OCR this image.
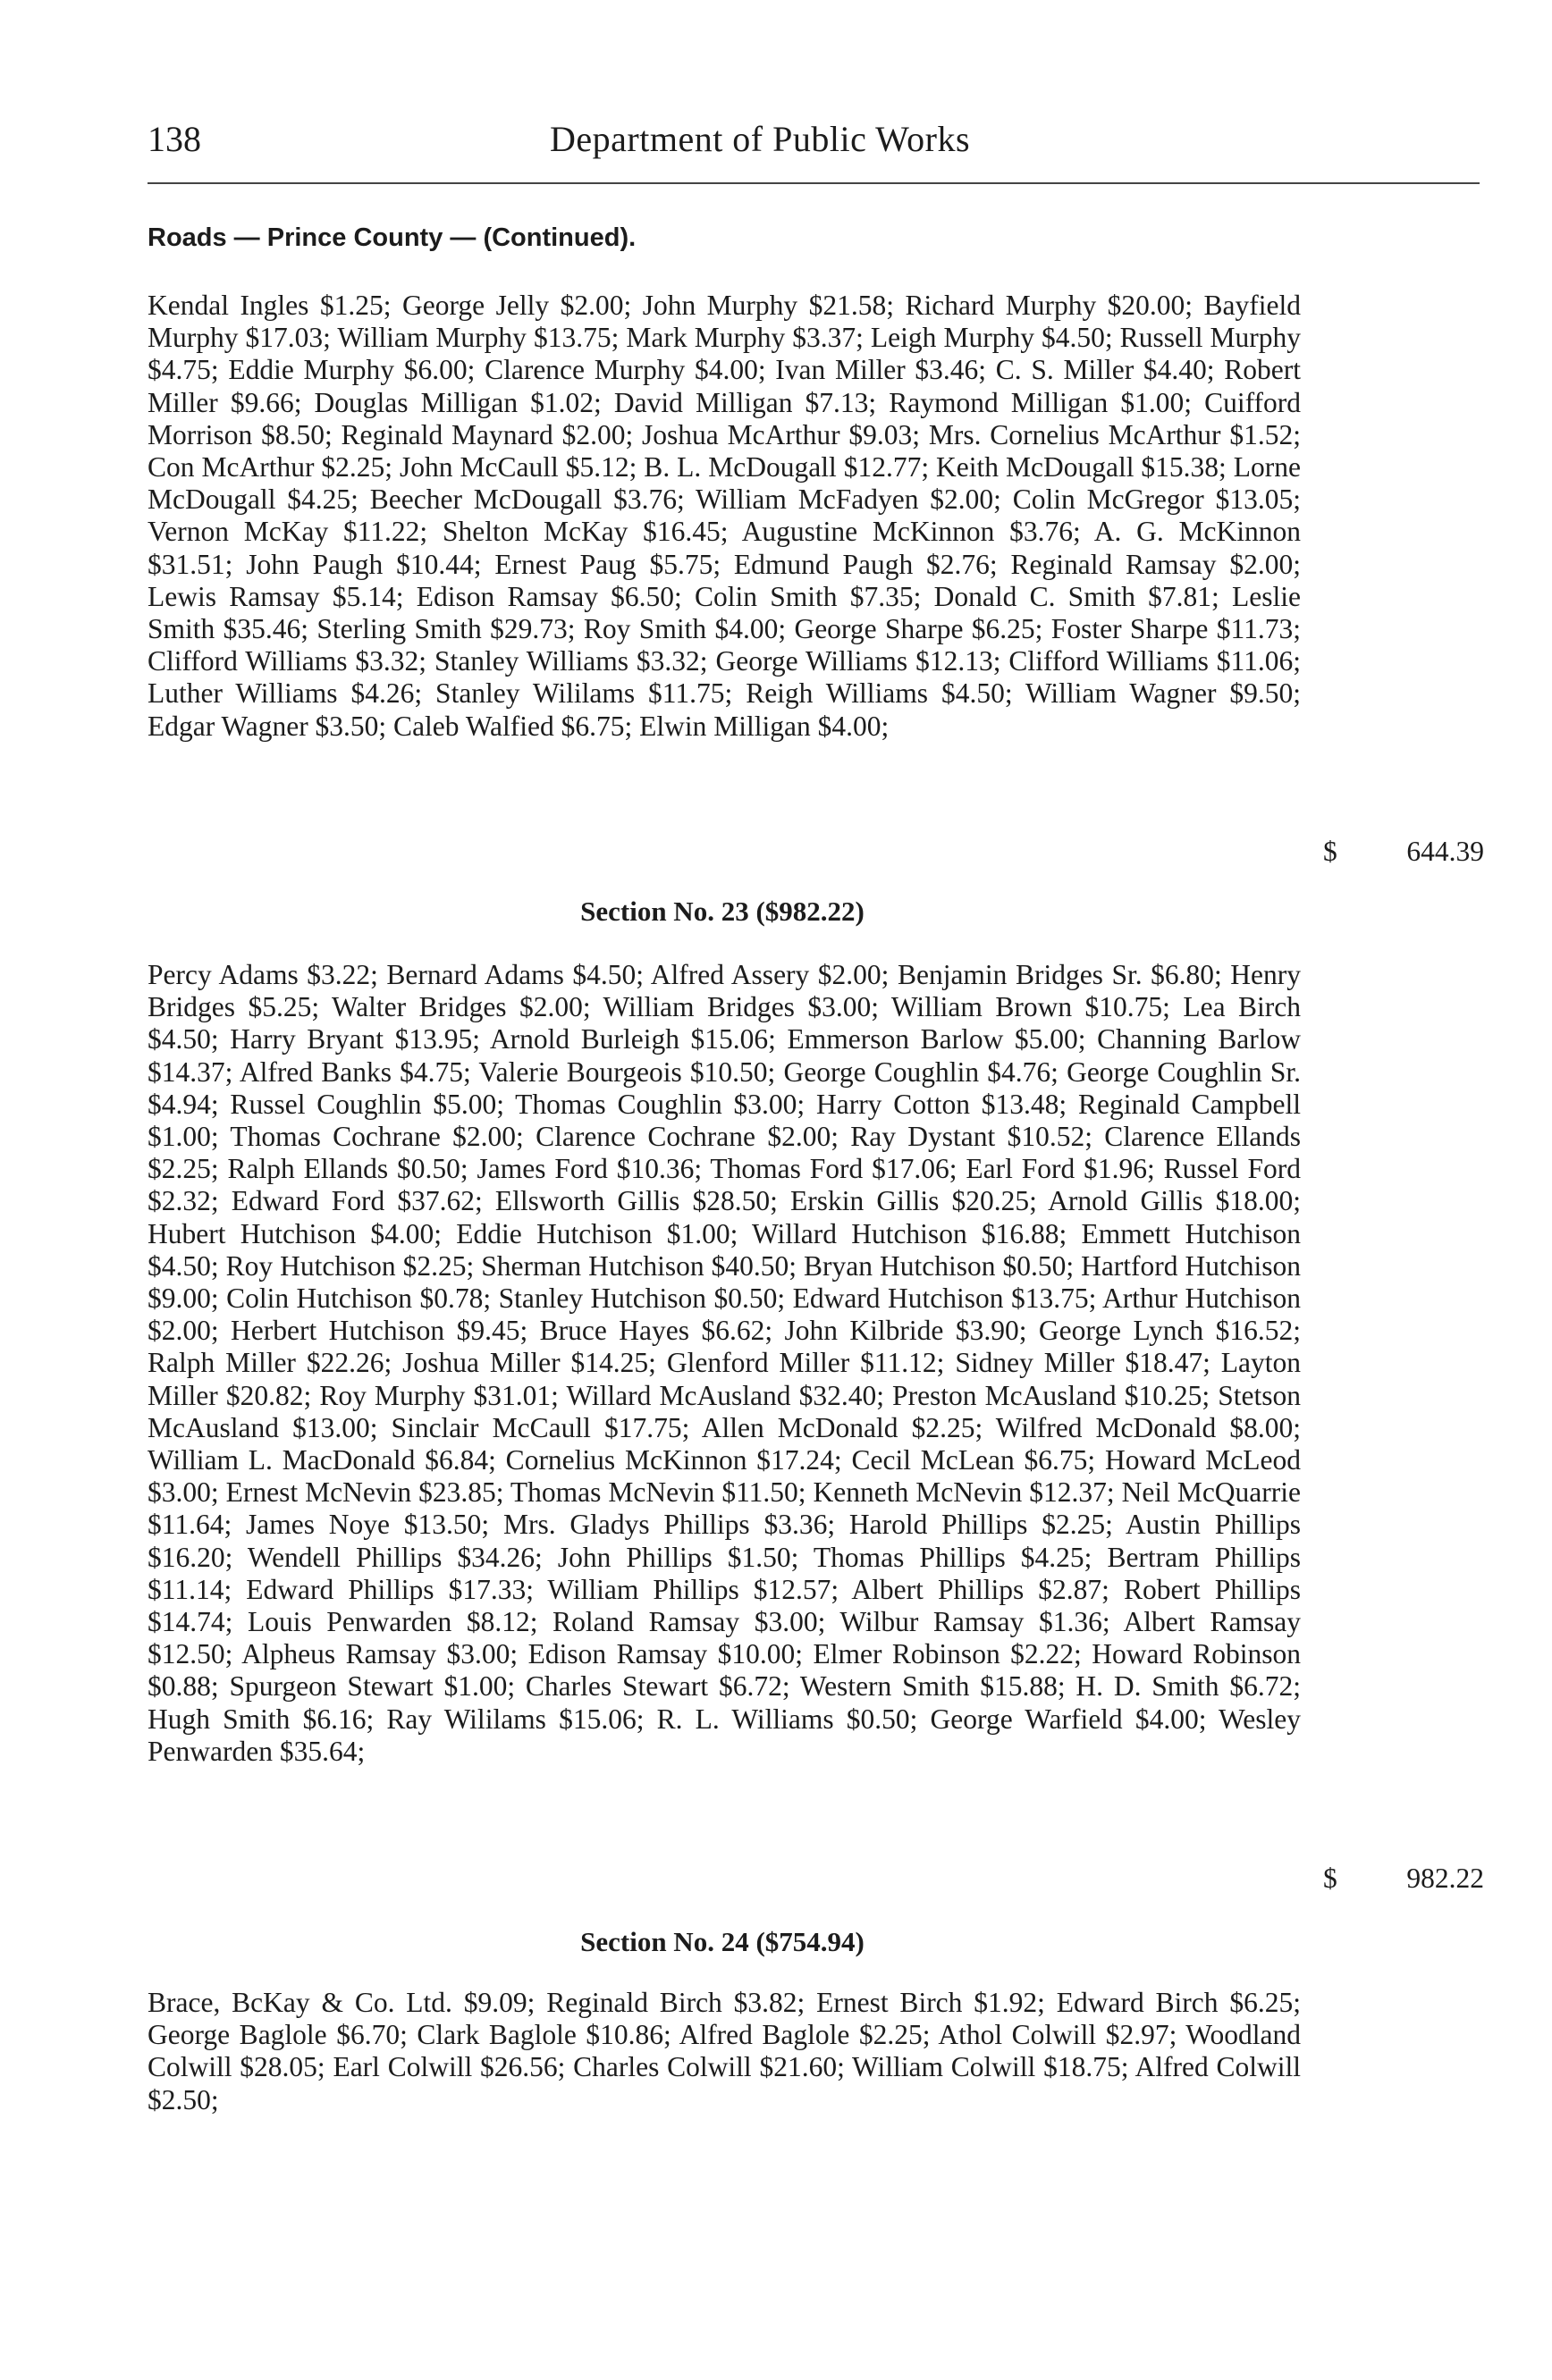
138	Department of Public Works
Roads — Prince County — (Continued).

Kendal Ingles $1.25; George Jelly $2.00; John Murphy $21.58; Richard Murphy $20.00; Bayfield Murphy $17.03; William Murphy $13.75; Mark Murphy $3.37; Leigh Murphy $4.50; Russell Murphy $4.75; Eddie Murphy $6.00; Clarence Murphy $4.00; Ivan Miller $3.46; C. S. Miller $4.40; Robert Miller $9.66; Douglas Milligan $1.02; David Milligan $7.13; Raymond Milligan $1.00; Cuifford Morrison $8.50; Reginald Maynard $2.00; Joshua McArthur $9.03; Mrs. Cornelius McArthur $1.52; Con McArthur $2.25; John McCaull $5.12; B. L. McDougall $12.77; Keith McDougall $15.38; Lorne McDougall $4.25; Beecher McDougall $3.76; William McFadyen $2.00; Colin McGregor $13.05; Vernon McKay $11.22; Shelton McKay $16.45; Augustine McKinnon $3.76; A. G. McKinnon $31.51; John Paugh $10.44; Ernest Paug $5.75; Edmund Paugh $2.76; Reginald Ramsay $2.00; Lewis Ramsay $5.14; Edison Ramsay $6.50; Colin Smith $7.35; Donald C. Smith $7.81; Leslie Smith $35.46; Sterling Smith $29.73; Roy Smith $4.00; George Sharpe $6.25; Foster Sharpe $11.73; Clifford Williams $3.32; Stanley Williams $3.32; George Williams $12.13; Clifford Williams $11.06; Luther Williams $4.26; Stanley Wililams $11.75; Reigh Williams $4.50; William Wagner $9.50; Edgar Wagner $3.50; Caleb Walfied $6.75; Elwin Milligan $4.00;

$ 644.39
Section No. 23 ($982.22)

Percy Adams $3.22; Bernard Adams $4.50; Alfred Assery $2.00; Benjamin Bridges Sr. $6.80; Henry Bridges $5.25; Walter Bridges $2.00; William Bridges $3.00; William Brown $10.75; Lea Birch $4.50; Harry Bryant $13.95; Arnold Burleigh $15.06; Emmerson Barlow $5.00; Channing Barlow $14.37; Alfred Banks $4.75; Valerie Bourgeois $10.50; George Coughlin $4.76; George Coughlin Sr. $4.94; Russel Coughlin $5.00; Thomas Coughlin $3.00; Harry Cotton $13.48; Reginald Campbell $1.00; Thomas Cochrane $2.00; Clarence Cochrane $2.00; Ray Dystant $10.52; Clarence Ellands $2.25; Ralph Ellands $0.50; James Ford $10.36; Thomas Ford $17.06; Earl Ford $1.96; Russel Ford $2.32; Edward Ford $37.62; Ellsworth Gillis $28.50; Erskin Gillis $20.25; Arnold Gillis $18.00; Hubert Hutchison $4.00; Eddie Hutchison $1.00; Willard Hutchison $16.88; Emmett Hutchison $4.50; Roy Hutchison $2.25; Sherman Hutchison $40.50; Bryan Hutchison $0.50; Hartford Hutchison $9.00; Colin Hutchison $0.78; Stanley Hutchison $0.50; Edward Hutchison $13.75; Arthur Hutchison $2.00; Herbert Hutchison $9.45; Bruce Hayes $6.62; John Kilbride $3.90; George Lynch $16.52; Ralph Miller $22.26; Joshua Miller $14.25; Glenford Miller $11.12; Sidney Miller $18.47; Layton Miller $20.82; Roy Murphy $31.01; Willard McAusland $32.40; Preston McAusland $10.25; Stetson McAusland $13.00; Sinclair McCaull $17.75; Allen McDonald $2.25; Wilfred McDonald $8.00; William L. MacDonald $6.84; Cornelius McKinnon $17.24; Cecil McLean $6.75; Howard McLeod $3.00; Ernest McNevin $23.85; Thomas McNevin $11.50; Kenneth McNevin $12.37; Neil McQuarrie $11.64; James Noye $13.50; Mrs. Gladys Phillips $3.36; Harold Phillips $2.25; Austin Phillips $16.20; Wendell Phillips $34.26; John Phillips $1.50; Thomas Phillips $4.25; Bertram Phillips $11.14; Edward Phillips $17.33; William Phillips $12.57; Albert Phillips $2.87; Robert Phillips $14.74; Louis Penwarden $8.12; Roland Ramsay $3.00; Wilbur Ramsay $1.36; Albert Ramsay $12.50; Alpheus Ramsay $3.00; Edison Ramsay $10.00; Elmer Robinson $2.22; Howard Robinson $0.88; Spurgeon Stewart $1.00; Charles Stewart $6.72; Western Smith $15.88; H. D. Smith $6.72; Hugh Smith $6.16; Ray Wililams $15.06; R. L. Williams $0.50; George Warfield $4.00; Wesley Penwarden $35.64;

$ 982.22
Section No. 24 ($754.94)

Brace, BcKay & Co. Ltd. $9.09; Reginald Birch $3.82; Ernest Birch $1.92; Edward Birch $6.25; George Baglole $6.70; Clark Baglole $10.86; Alfred Baglole $2.25; Athol Colwill $2.97; Woodland Colwill $28.05; Earl Colwill $26.56; Charles Colwill $21.60; William Colwill $18.75; Alfred Colwill $2.50;
